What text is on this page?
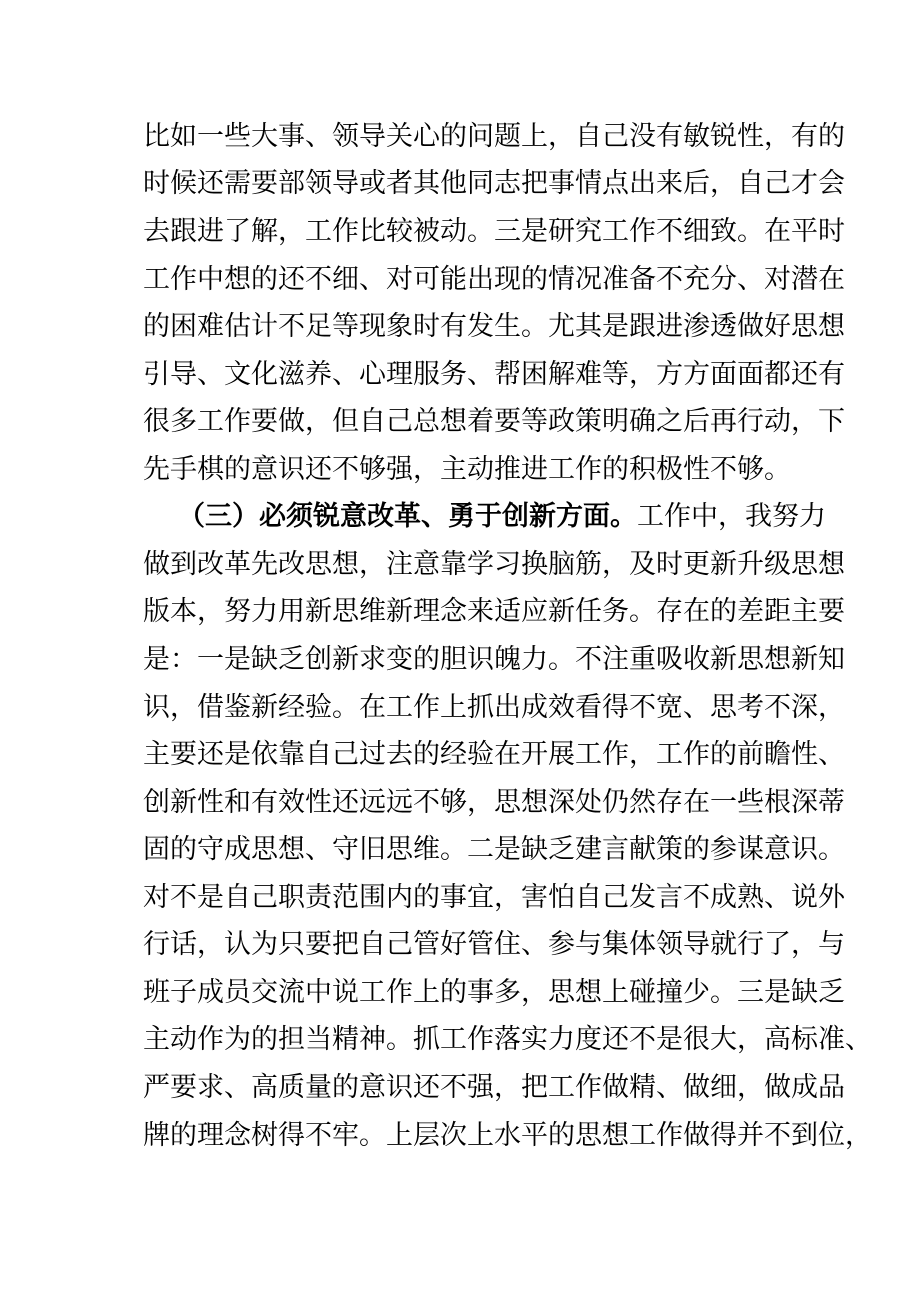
比如一些大事、领导关心的问题上，自己没有敏锐性，有的
时候还需要部领导或者其他同志把事情点出来后，自己才会
去跟进了解，工作比较被动。三是研究工作不细致。在平时
工作中想的还不细、对可能出现的情况准备不充分、对潜在
的困难估计不足等现象时有发生。尤其是跟进渗透做好思想
引导、文化滋养、心理服务、帮困解难等，方方面面都还有
很多工作要做，但自己总想着要等政策明确之后再行动，下
先手棋的意识还不够强，主动推进工作的积极性不够。
（三）必须锐意改革、勇于创新方面。工作中，我努力
做到改革先改思想，注意靠学习换脑筋，及时更新升级思想
版本，努力用新思维新理念来适应新任务。存在的差距主要
是：一是缺乏创新求变的胆识魄力。不注重吸收新思想新知
识，借鉴新经验。在工作上抓出成效看得不宽、思考不深，
主要还是依靠自己过去的经验在开展工作，工作的前瞻性、
创新性和有效性还远远不够，思想深处仍然存在一些根深蒂
固的守成思想、守旧思维。二是缺乏建言献策的参谋意识。
对不是自己职责范围内的事宜，害怕自己发言不成熟、说外
行话，认为只要把自己管好管住、参与集体领导就行了，与
班子成员交流中说工作上的事多，思想上碰撞少。三是缺乏
主动作为的担当精神。抓工作落实力度还不是很大，高标准、
严要求、高质量的意识还不强，把工作做精、做细，做成品
牌的理念树得不牢。上层次上水平的思想工作做得并不到位，
